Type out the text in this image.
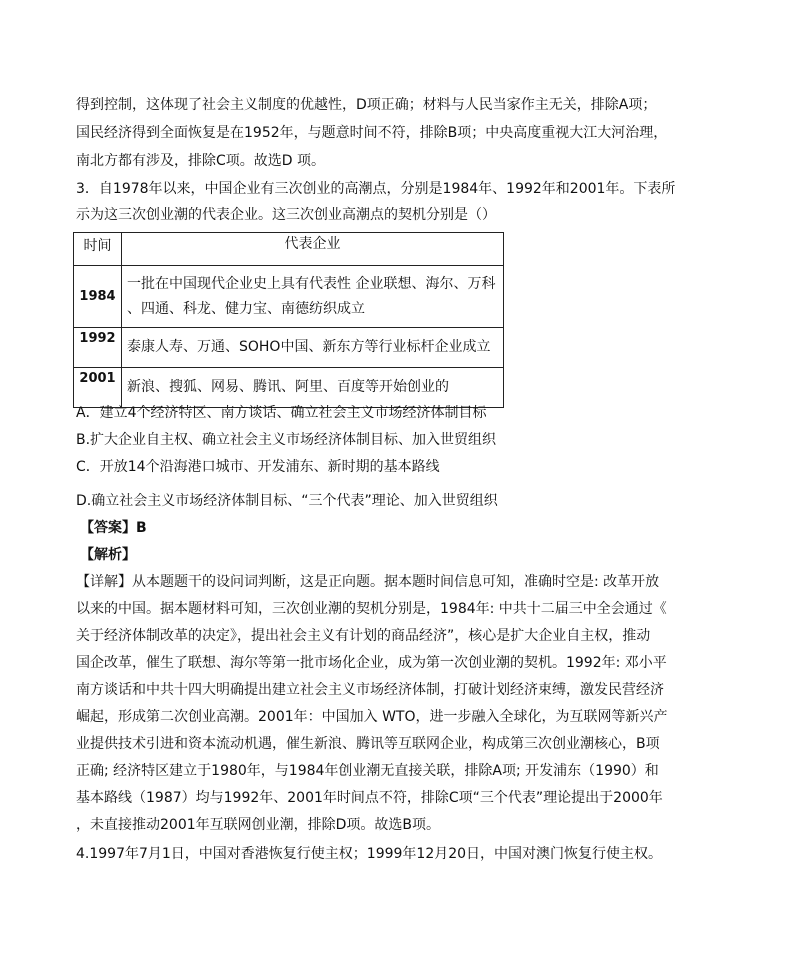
得到控制，这体现了社会主义制度的优越性，D项正确；材料与人民当家作主无关，排除A项；
国民经济得到全面恢复是在1952年，与题意时间不符，排除B项；中央高度重视大江大河治理，
南北方都有涉及，排除C项。故选D 项。
3．自1978年以来，中国企业有三次创业的高潮点，分别是1984年、1992年和2001年。下表所
示为这三次创业潮的代表企业。这三次创业高潮点的契机分别是（）
时间	代表企业
1984	一批在中国现代企业史上具有代表性 企业联想、海尔、万科
、四通、科龙、健力宝、南德纺织成立

1992	泰康人寿、万通、SOHO中国、新东方等行业标杆企业成立

2001	新浪、搜狐、网易、腾讯、阿里、百度等开始创业的
A．建立4个经济特区、南方谈话、确立社会主义市场经济体制目标
B.扩大企业自主权、确立社会主义市场经济体制目标、加入世贸组织
C．开放14个沿海港口城市、开发浦东、新时期的基本路线
D.确立社会主义市场经济体制目标、“三个代表”理论、加入世贸组织
【答案】B
【解析】
【详解】从本题题干的设问词判断，这是正向题。据本题时间信息可知，准确时空是: 改革开放
以来的中国。据本题材料可知，三次创业潮的契机分别是，1984年: 中共十二届三中全会通过《
关于经济体制改革的决定》，提出社会主义有计划的商品经济”，核心是扩大企业自主权，推动
国企改革，催生了联想、海尔等第一批市场化企业，成为第一次创业潮的契机。1992年: 邓小平
南方谈话和中共十四大明确提出建立社会主义市场经济体制，打破计划经济束缚，激发民营经济
崛起，形成第二次创业高潮。2001年：中国加入 WTO，进一步融入全球化，为互联网等新兴产
业提供技术引进和资本流动机遇，催生新浪、腾讯等互联网企业，构成第三次创业潮核心，B项
正确; 经济特区建立于1980年，与1984年创业潮无直接关联，排除A项; 开发浦东（1990）和
基本路线（1987）均与1992年、2001年时间点不符，排除C项“三个代表”理论提出于2000年
，未直接推动2001年互联网创业潮，排除D项。故选B项。
4.1997年7月1日，中国对香港恢复行使主权；1999年12月20日，中国对澳门恢复行使主权。
